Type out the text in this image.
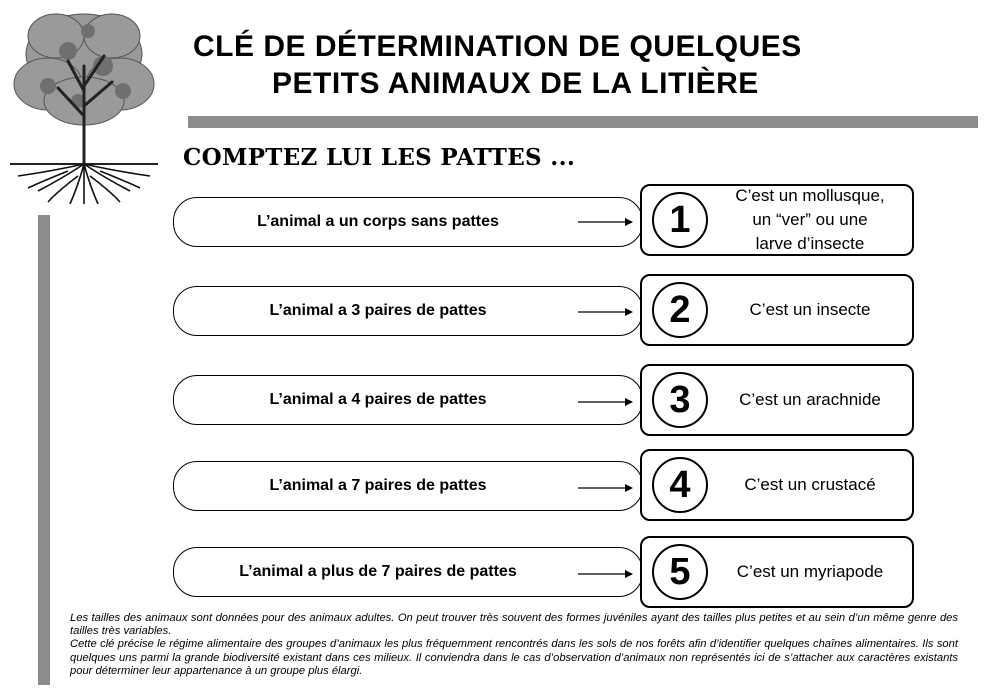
CLÉ DE DÉTERMINATION DE QUELQUES
PETITS ANIMAUX DE LA LITIÈRE
COMPTEZ LUI LES PATTES ...
L’animal a un corps sans pattes	1
C’est un mollusque,
un “ver” ou une
larve d’insecte
L’animal a 3 paires de pattes	2	C’est un insecte
L’animal a 4 paires de pattes	3	C’est un arachnide
L’animal a 7 paires de pattes	4	C’est un crustacé
L’animal a plus de 7 paires de pattes	5	C’est un myriapode

Les tailles des animaux sont données pour des animaux adultes. On peut trouver très souvent des formes juvéniles ayant des tailles plus petites et au sein d’un même genre des tailles très variables.

Cette clé précise le régime alimentaire des groupes d’animaux les plus fréquemment rencontrés dans les sols de nos forêts afin d’identifier quelques chaînes alimentaires. Ils sont quelques uns parmi la grande biodiversité existant dans ces milieux. Il conviendra dans le cas d’observation d’animaux non représentés ici de s’attacher aux caractères existants pour déterminer leur appartenance à un groupe plus élargi.
